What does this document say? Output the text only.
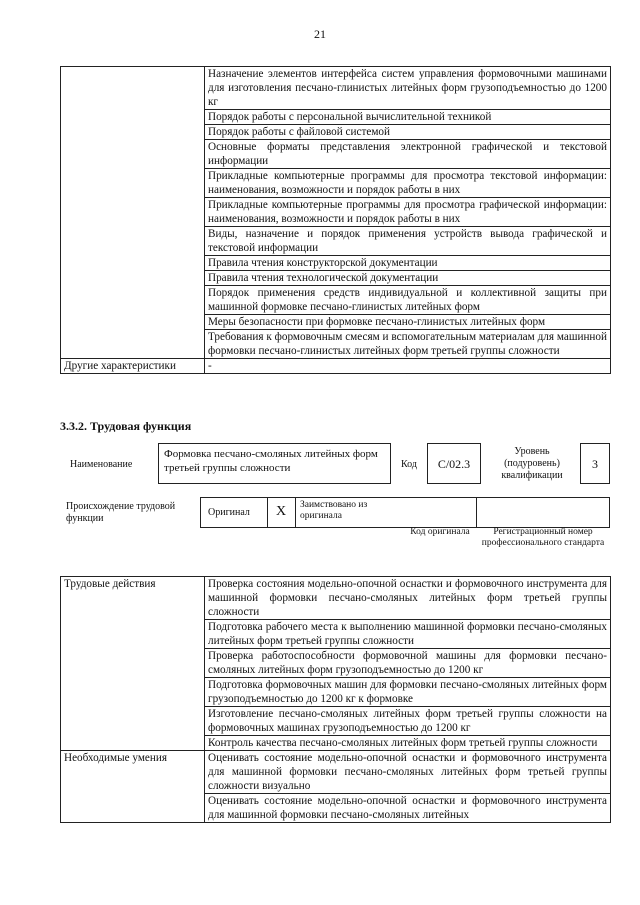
21
	Назначение элементов интерфейса систем управления формовочными машинами для изготовления песчано-глинистых литейных форм грузоподъемностью до 1200 кг
	Порядок работы с персональной вычислительной техникой
	Порядок работы с файловой системой
	Основные форматы представления электронной графической и текстовой информации
	Прикладные компьютерные программы для просмотра текстовой информации: наименования, возможности и порядок работы в них
	Прикладные компьютерные программы для просмотра графической информации: наименования, возможности и порядок работы в них
	Виды, назначение и порядок применения устройств вывода графической и текстовой информации
	Правила чтения конструкторской документации
	Правила чтения технологической документации
	Порядок применения средств индивидуальной и коллективной защиты при машинной формовке песчано-глинистых литейных форм
	Меры безопасности при формовке песчано-глинистых литейных форм
	Требования к формовочным смесям и вспомогательным материалам для машинной формовки песчано-глинистых литейных форм третьей группы сложности
Другие характеристики	-
3.3.2. Трудовая функция
Наименование
Формовка песчано-смоляных литейных форм третьей группы сложности	Код	C/02.3
Уровень (подуровень) квалификации
3
Происхождение трудовой функции
Оригинал X Заимствовано из оригинала
Код оригинала	Регистрационный номер профессионального стандарта
Трудовые действия	Проверка состояния модельно-опочной оснастки и формовочного инструмента для машинной формовки песчано-смоляных литейных форм третьей группы сложности
	Подготовка рабочего места к выполнению машинной формовки песчано-смоляных литейных форм третьей группы сложности
	Проверка работоспособности формовочной машины для формовки песчано-смоляных литейных форм грузоподъемностью до 1200 кг
	Подготовка формовочных машин для формовки песчано-смоляных литейных форм грузоподъемностью до 1200 кг к формовке
	Изготовление песчано-смоляных литейных форм третьей группы сложности на формовочных машинах грузоподъемностью до 1200 кг
	Контроль качества песчано-смоляных литейных форм третьей группы сложности
Необходимые умения	Оценивать состояние модельно-опочной оснастки и формовочного инструмента для машинной формовки песчано-смоляных литейных форм третьей группы сложности визуально
	Оценивать состояние модельно-опочной оснастки и формовочного инструмента для машинной формовки песчано-смоляных литейных
